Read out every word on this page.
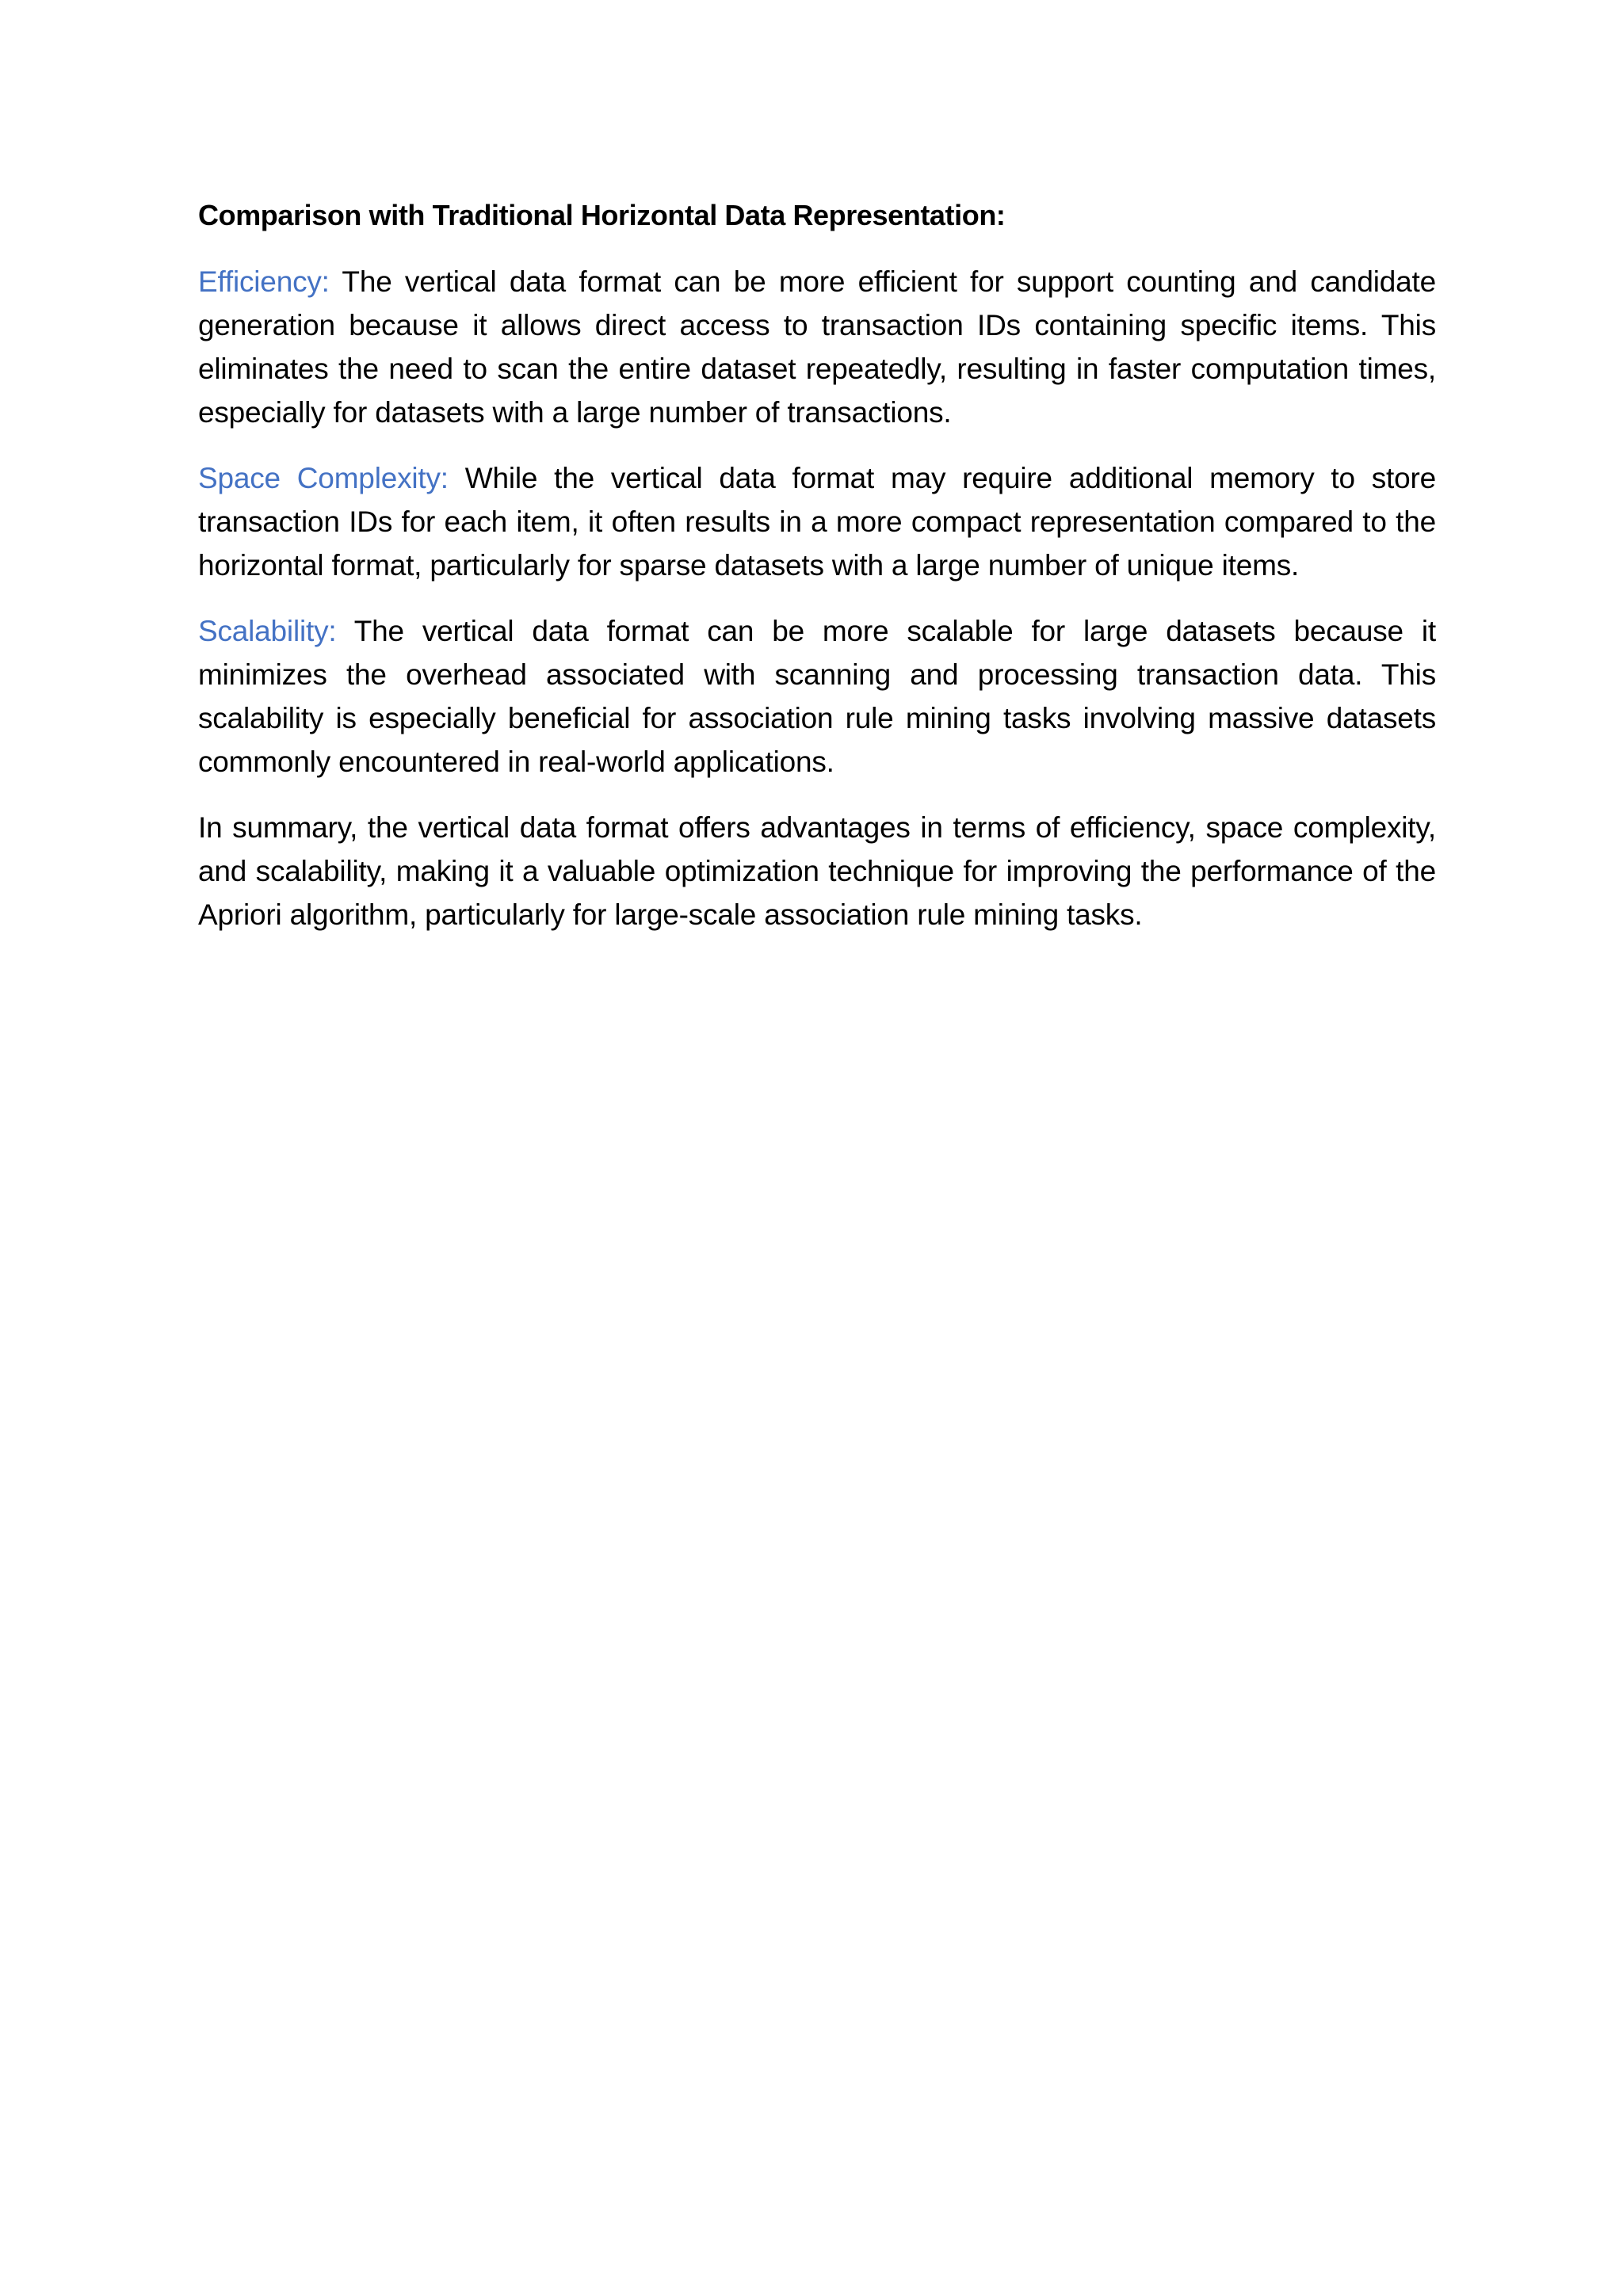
Comparison with Traditional Horizontal Data Representation:

Efficiency: The vertical data format can be more efficient for support counting and candidate generation because it allows direct access to transaction IDs containing specific items. This eliminates the need to scan the entire dataset repeatedly, resulting in faster computation times, especially for datasets with a large number of transactions.

Space Complexity: While the vertical data format may require additional memory to store transaction IDs for each item, it often results in a more compact representation compared to the horizontal format, particularly for sparse datasets with a large number of unique items.

Scalability: The vertical data format can be more scalable for large datasets because it minimizes the overhead associated with scanning and processing transaction data. This scalability is especially beneficial for association rule mining tasks involving massive datasets commonly encountered in real-world applications.

In summary, the vertical data format offers advantages in terms of efficiency, space complexity, and scalability, making it a valuable optimization technique for improving the performance of the Apriori algorithm, particularly for large-scale association rule mining tasks.
